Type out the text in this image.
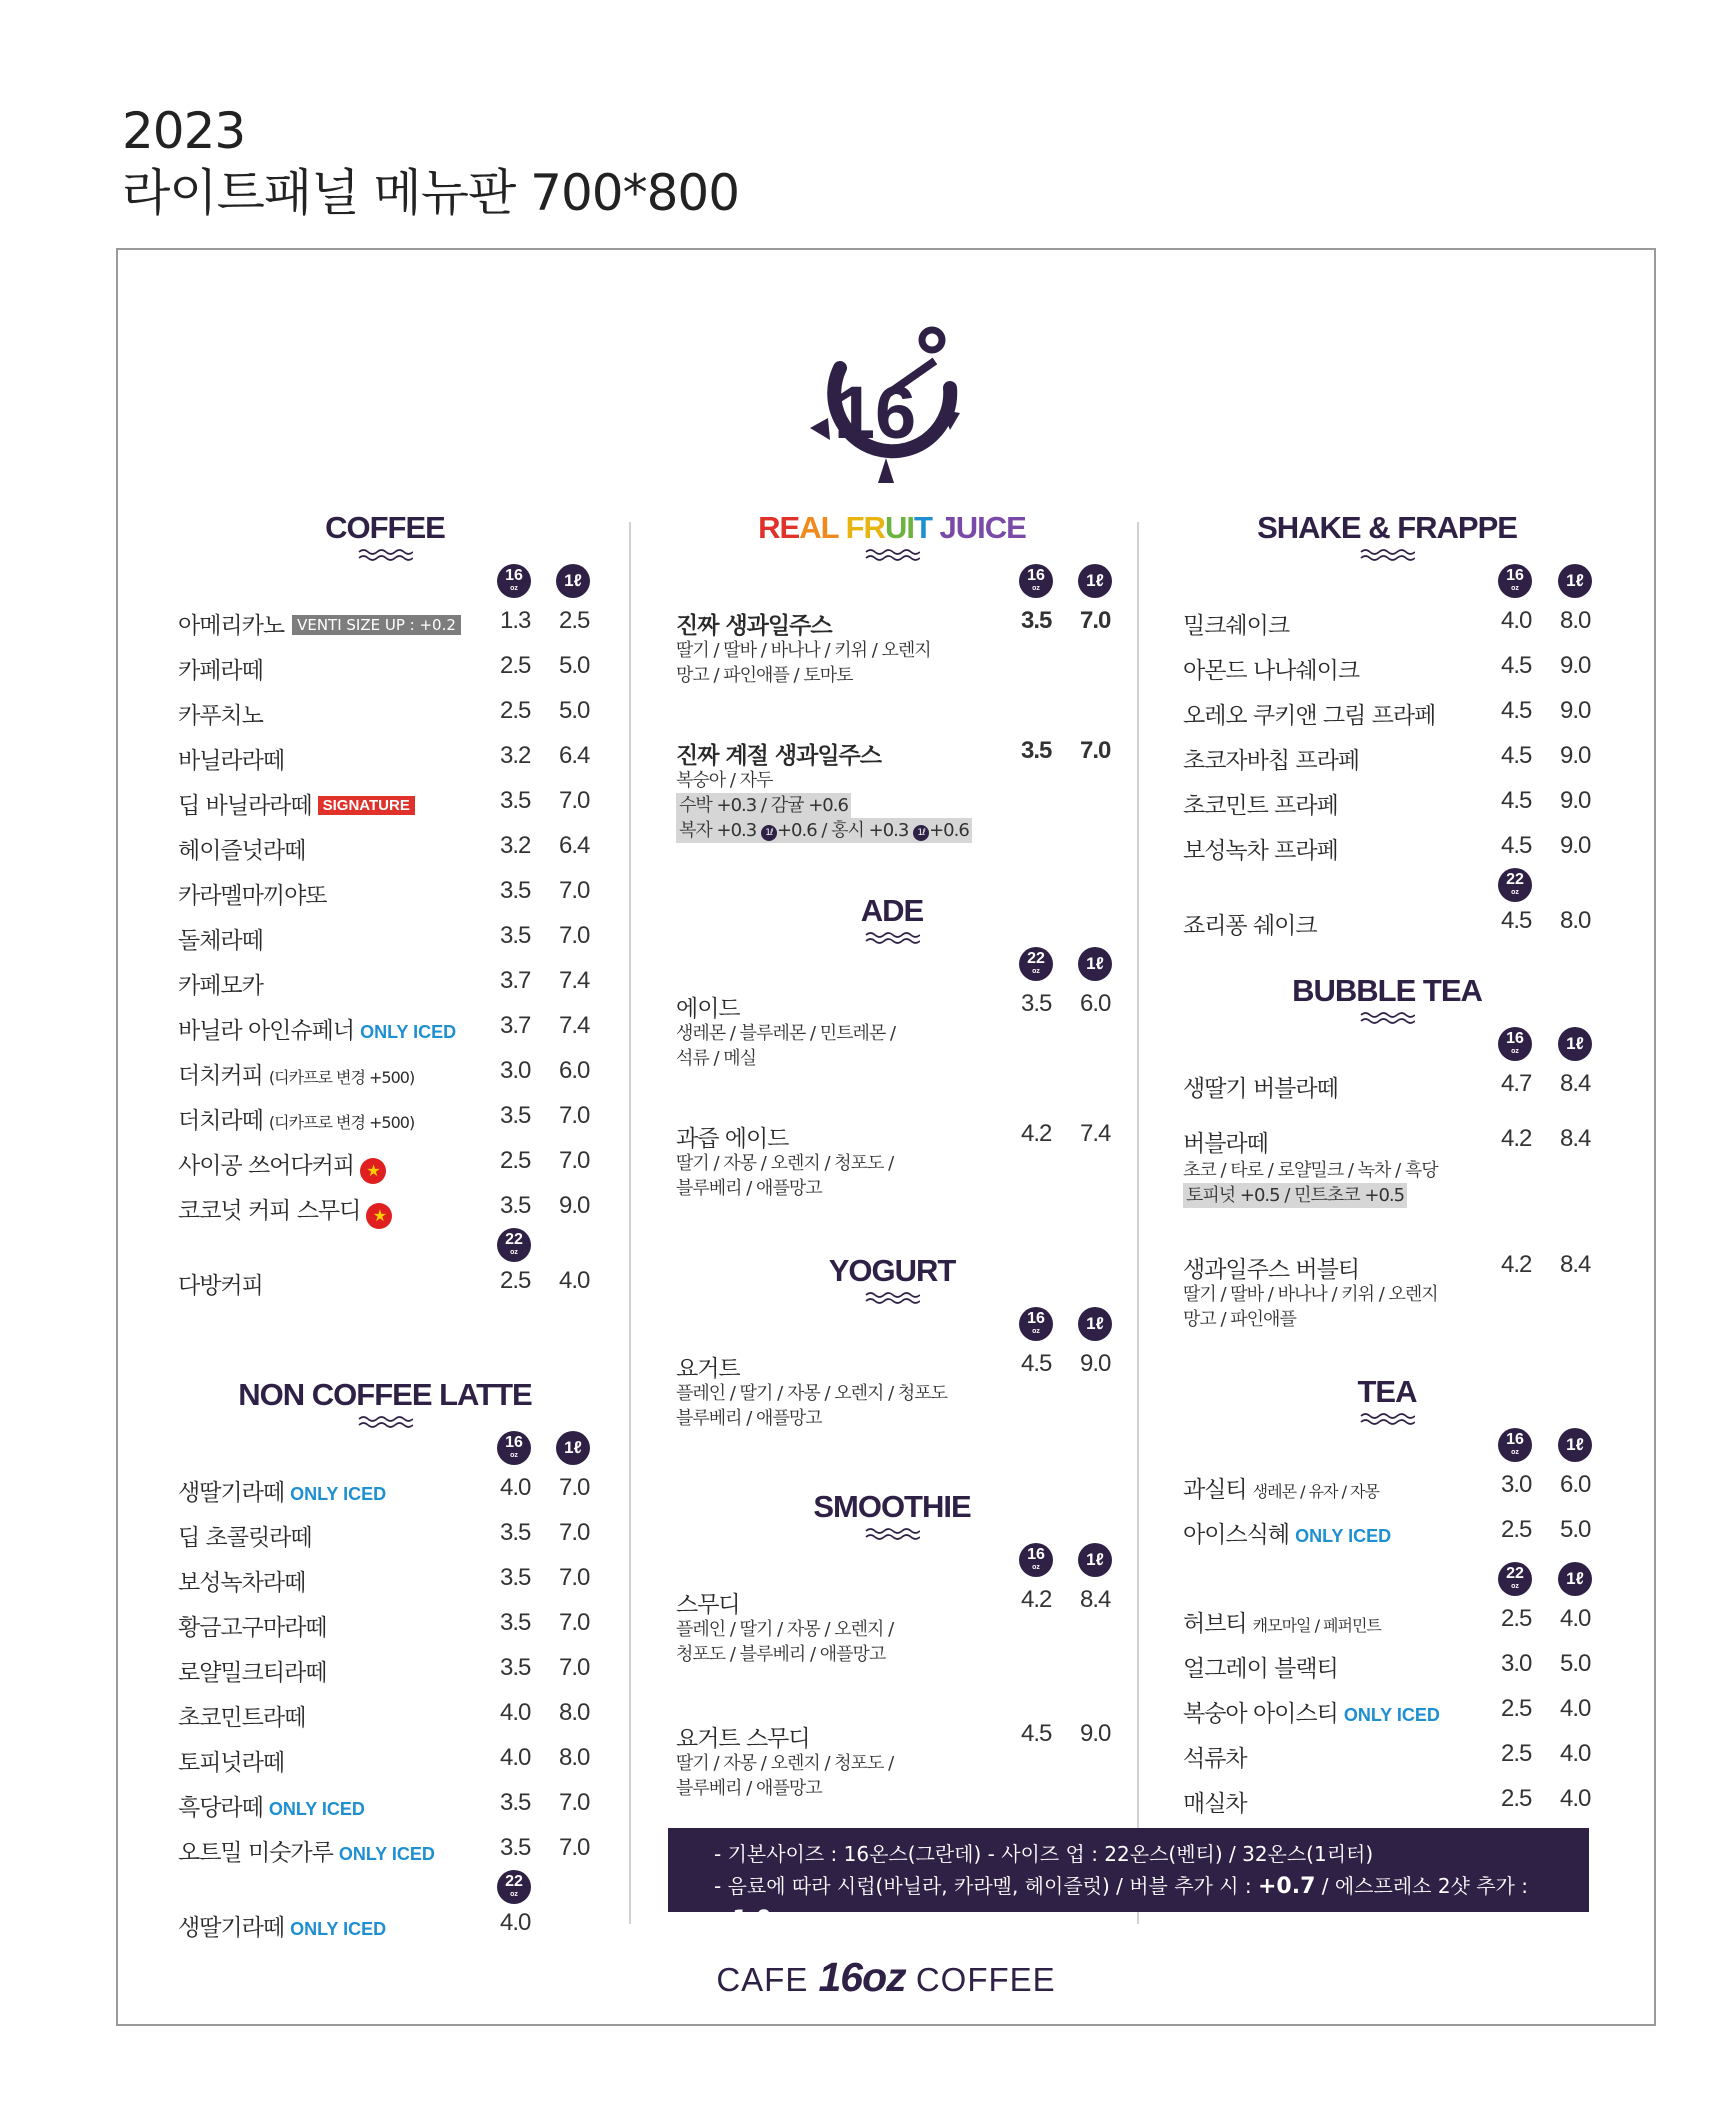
2023
라이트패널 메뉴판 700*800
16
COFFEE
16
oz	1ℓ
아메리카노 VENTI SIZE UP : +0.2 1.3 2.5
카페라떼	2.5 5.0
카푸치노	2.5 5.0
바닐라라떼	3.2 6.4
딥 바닐라라떼 SIGNATURE	3.5 7.0
헤이즐넛라떼	3.2 6.4
카라멜마끼야또	3.5 7.0
돌체라떼	3.5 7.0
카페모카	3.7 7.4
바닐라 아인슈페너 ONLY ICED 3.7 7.4
더치커피 (디카프로 변경 +500)	3.0 6.0
더치라떼 (디카프로 변경 +500)	3.5 7.0
사이공 쓰어다커피 ★	2.5 7.0
코코넛 커피 스무디 ★	3.5 9.0
22
oz
다방커피	2.5 4.0
NON COFFEE LATTE
16
oz	1ℓ
생딸기라떼 ONLY ICED	4.0 7.0
딥 초콜릿라떼	3.5 7.0
보성녹차라떼	3.5 7.0
황금고구마라떼	3.5 7.0
로얄밀크티라떼	3.5 7.0
초코민트라떼	4.0 8.0
토피넛라떼	4.0 8.0
흑당라떼 ONLY ICED	3.5 7.0
오트밀 미숫가루 ONLY ICED	3.5 7.0
22
oz
생딸기라떼 ONLY ICED	4.0
REAL FRUIT JUICE
16
oz	1ℓ
진짜 생과일주스	3.5 7.0
딸기 / 딸바 / 바나나 / 키위 / 오렌지
망고 / 파인애플 / 토마토
진짜 계절 생과일주스	3.5 7.0
복숭아 / 자두
수박 +0.3 / 감귤 +0.6
복자 +0.3 1ℓ +0.6 / 홍시 +0.3 1ℓ +0.6
ADE
22
oz	1ℓ
에이드	3.5 6.0
생레몬 / 블루레몬 / 민트레몬 /
석류 / 메실
과즙 에이드	4.2 7.4
딸기 / 자몽 / 오렌지 / 청포도 /
블루베리 / 애플망고
YOGURT
16
oz	1ℓ
요거트	4.5 9.0
플레인 / 딸기 / 자몽 / 오렌지 / 청포도
블루베리 / 애플망고
SMOOTHIE
16
oz	1ℓ
스무디	4.2 8.4
플레인 / 딸기 / 자몽 / 오렌지 /
청포도 / 블루베리 / 애플망고
요거트 스무디	4.5 9.0
딸기 / 자몽 / 오렌지 / 청포도 /
블루베리 / 애플망고
SHAKE & FRAPPE
16
oz	1ℓ
밀크쉐이크	4.0 8.0
아몬드 나나쉐이크	4.5 9.0
오레오 쿠키앤 그림 프라페	4.5 9.0
초코자바칩 프라페	4.5 9.0
초코민트 프라페	4.5 9.0
보성녹차 프라페	4.5 9.0
22
oz
죠리퐁 쉐이크	4.5 8.0
BUBBLE TEA
16
oz	1ℓ
생딸기 버블라떼	4.7 8.4
버블라떼	4.2 8.4
초코 / 타로 / 로얄밀크 / 녹차 / 흑당
토피넛 +0.5 / 민트초코 +0.5
생과일주스 버블티	4.2 8.4
딸기 / 딸바 / 바나나 / 키위 / 오렌지
망고 / 파인애플
TEA
16
oz	1ℓ
과실티 생레몬 / 유자 / 자몽	3.0 6.0
아이스식혜 ONLY ICED	2.5 5.0
22
oz	1ℓ
허브티 캐모마일 / 페퍼민트	2.5 4.0
얼그레이 블랙티	3.0 5.0
복숭아 아이스티 ONLY ICED	2.5 4.0
석류차	2.5 4.0
매실차	2.5 4.0
- 기본사이즈 : 16온스(그란데) - 사이즈 업 : 22온스(벤티) / 32온스(1리터)
- 음료에 따라 시럽(바닐라, 카라멜, 헤이즐럿) / 버블 추가 시 : +0.7 / 에스프레소 2샷 추가 : +1.0
CAFE 16oz COFFEE
